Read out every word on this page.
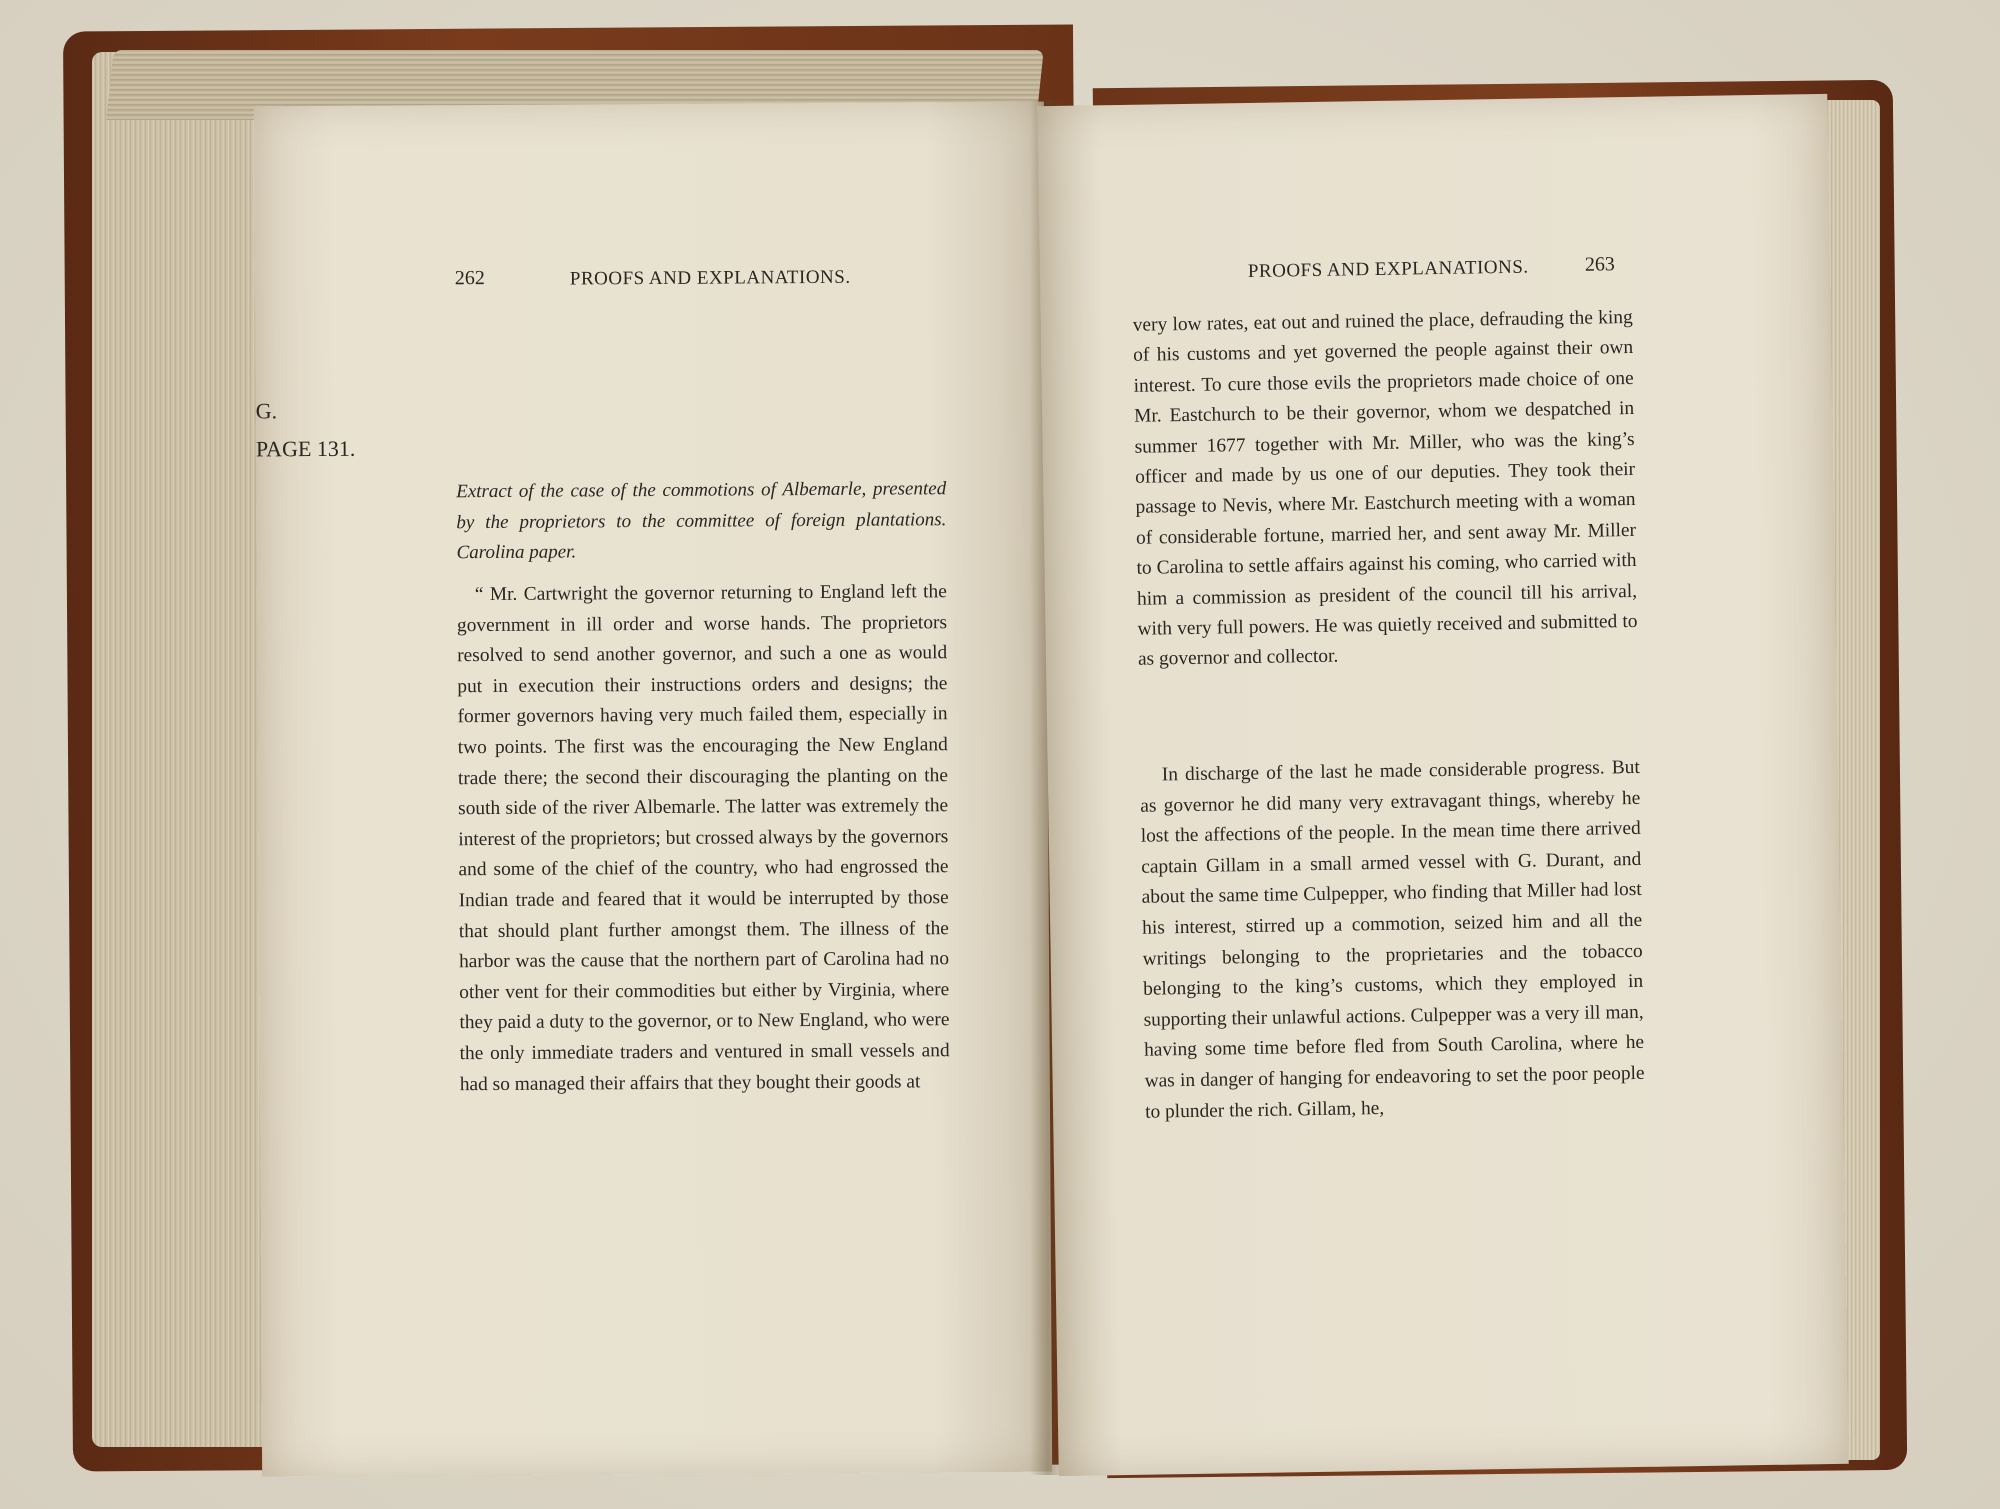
262	PROOFS AND EXPLANATIONS.
G.
PAGE 131.
Extract of the case of the commotions of Albemarle, presented by the proprietors to the committee of foreign plantations. Carolina paper.
“ Mr. Cartwright the governor returning to England left the government in ill order and worse hands. The proprietors resolved to send another governor, and such a one as would put in execution their instructions orders and designs; the former governors having very much failed them, especially in two points. The first was the encouraging the New England trade there; the second their discouraging the planting on the south side of the river Albemarle. The latter was extremely the interest of the proprietors; but crossed always by the governors and some of the chief of the country, who had engrossed the Indian trade and feared that it would be interrupted by those that should plant further amongst them. The illness of the harbor was the cause that the northern part of Carolina had no other vent for their commodities but either by Virginia, where they paid a duty to the governor, or to New England, who were the only immediate traders and ventured in small vessels and had so managed their affairs that they bought their goods at
PROOFS AND EXPLANATIONS.	263
very low rates, eat out and ruined the place, defrauding the king of his customs and yet governed the people against their own interest. To cure those evils the proprietors made choice of one Mr. Eastchurch to be their governor, whom we despatched in summer 1677 together with Mr. Miller, who was the king’s officer and made by us one of our deputies. They took their passage to Nevis, where Mr. Eastchurch meeting with a woman of considerable fortune, married her, and sent away Mr. Miller to Carolina to settle affairs against his coming, who carried with him a commission as president of the council till his arrival, with very full powers. He was quietly received and submitted to as governor and collector.
In discharge of the last he made considerable progress. But as governor he did many very extravagant things, whereby he lost the affections of the people. In the mean time there arrived captain Gillam in a small armed vessel with G. Durant, and about the same time Culpepper, who finding that Miller had lost his interest, stirred up a commotion, seized him and all the writings belonging to the proprietaries and the tobacco belonging to the king’s customs, which they employed in supporting their unlawful actions. Culpepper was a very ill man, having some time before fled from South Carolina, where he was in danger of hanging for endeavoring to set the poor people to plunder the rich. Gillam, he,
